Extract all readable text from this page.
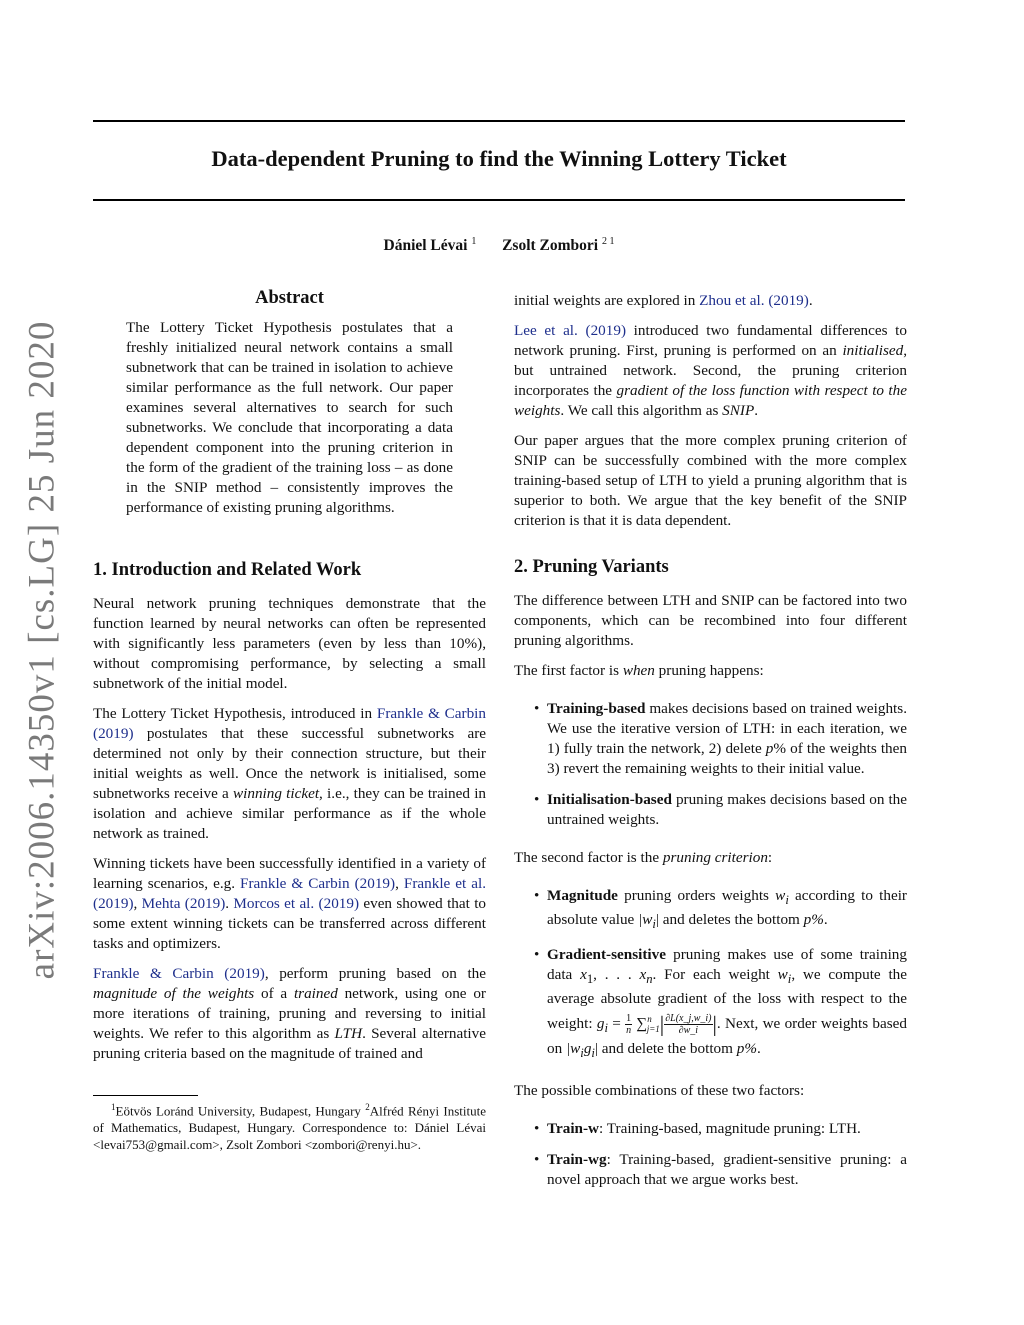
Data-dependent Pruning to find the Winning Lottery Ticket
Dániel Lévai $^1$ Zsolt Zombori $^{2 1}$
arXiv:2006.14350v1 [cs.LG] 25 Jun 2020
Abstract

The Lottery Ticket Hypothesis postulates that a freshly initialized neural network contains a small subnetwork that can be trained in isolation to achieve similar performance as the full network. Our paper examines several alternatives to search for such subnetworks. We conclude that incorporating a data dependent component into the pruning criterion in the form of the gradient of the training loss – as done in the SNIP method – consistently improves the performance of existing pruning algorithms.

1. Introduction and Related Work

Neural network pruning techniques demonstrate that the function learned by neural networks can often be represented with significantly less parameters (even by less than 10%), without compromising performance, by selecting a small subnetwork of the initial model.

The Lottery Ticket Hypothesis, introduced in Frankle & Carbin (2019) postulates that these successful subnetworks are determined not only by their connection structure, but their initial weights as well. Once the network is initialised, some subnetworks receive a winning ticket, i.e., they can be trained in isolation and achieve similar performance as if the whole network as trained.

Winning tickets have been successfully identified in a variety of learning scenarios, e.g. Frankle & Carbin (2019), Frankle et al. (2019), Mehta (2019). Morcos et al. (2019) even showed that to some extent winning tickets can be transferred across different tasks and optimizers.

Frankle & Carbin (2019), perform pruning based on the magnitude of the weights of a trained network, using one or more iterations of training, pruning and reversing to initial weights. We refer to this algorithm as LTH. Several alternative pruning criteria based on the magnitude of trained and

$^1$Eötvös Loránd University, Budapest, Hungary $^2$Alfréd Rényi Institute of Mathematics, Budapest, Hungary. Correspondence to: Dániel Lévai <levai753@gmail.com>, Zsolt Zombori <zombori@renyi.hu>.

initial weights are explored in Zhou et al. (2019).

Lee et al. (2019) introduced two fundamental differences to network pruning. First, pruning is performed on an initialised, but untrained network. Second, the pruning criterion incorporates the gradient of the loss function with respect to the weights. We call this algorithm as SNIP.

Our paper argues that the more complex pruning criterion of SNIP can be successfully combined with the more complex training-based setup of LTH to yield a pruning algorithm that is superior to both. We argue that the key benefit of the SNIP criterion is that it is data dependent.

2. Pruning Variants

The difference between LTH and SNIP can be factored into two components, which can be recombined into four different pruning algorithms.

The first factor is when pruning happens:

• Training-based makes decisions based on trained weights. We use the iterative version of LTH: in each iteration, we 1) fully train the network, 2) delete p% of the weights then 3) revert the remaining weights to their initial value.
• Initialisation-based pruning makes decisions based on the untrained weights.

The second factor is the pruning criterion:

• Magnitude pruning orders weights $w_i$ according to their absolute value $|w_i|$ and deletes the bottom p%.
• Gradient-sensitive pruning makes use of some training data $x_1$, . . . $x_n$. For each weight $w_i$, we compute the average absolute gradient of the loss with respect to the weight: $g_i = \frac{1}{n} \sum^n_{j=1}| \frac{\partial L(x\_j,w\_i)}{\partial w\_i}$ |. Next, we order weights based on $|w_ig_i|$ and delete the bottom p%.

The possible combinations of these two factors:

• Train-w: Training-based, magnitude pruning: LTH.
• Train-wg: Training-based, gradient-sensitive pruning: a novel approach that we argue works best.
